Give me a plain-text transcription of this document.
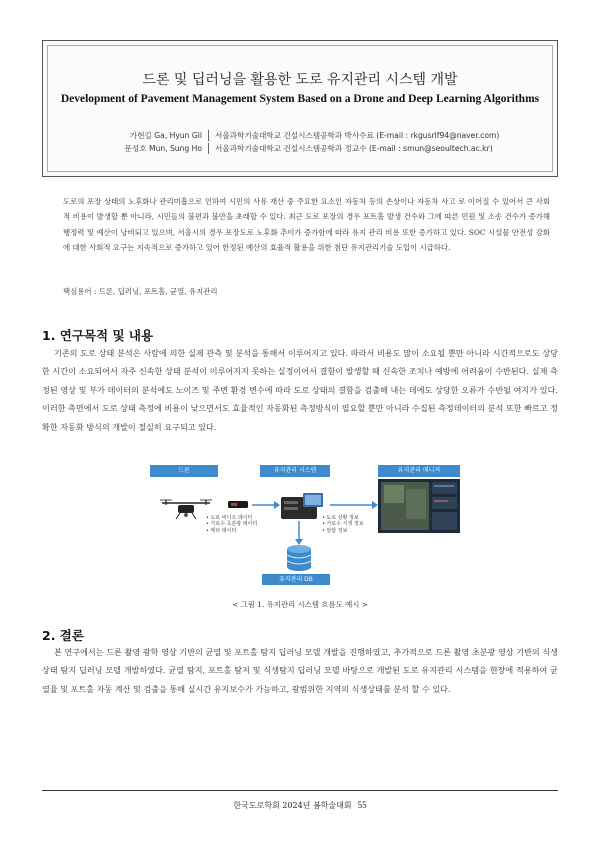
드론 및 딥러닝을 활용한 도로 유지관리 시스템 개발
Development of Pavement Management System Based on a Drone and Deep Learning Algorithms
가현길 Ga, Hyun Gil	서울과학기술대학교 건설시스템공학과 박사수료 (E-mail : rkgusrlf94@naver.com)
문성호 Mun, Sung Ho	서울과학기술대학교 건설시스템공학과 정교수 (E-mail : smun@seoultech.ac.kr)
도로의 포장 상태의 노후화나 관리미흡으로 인하여 시민의 사유 재산 중 주요한 요소인 자동차 등의 손상이나 자동차 사고 로 이어질 수 있어서 큰 사회적 비용이 발생할 뿐 아니라, 시민들의 불편과 불만을 초래할 수 있다. 최근 도로 포장의 경우 포트홀 발생 건수와 그에 따른 민원 및 소송 건수가 증가해 행정력 및 예산이 낭비되고 있으며, 서울시의 경우 포장도로 노후화 추이가 증가함에 따라 유지 관리 비용 또한 증가하고 있다. SOC 시설물 안전성 강화에 대한 사회적 요구는 지속적으로 증가하고 있어 한정된 예산의 효율적 활용을 위한 첨단 유지관리기술 도입이 시급하다.
핵심용어 : 드론, 딥러닝, 포트홀, 균열, 유지관리
1. 연구목적 및 내용
기존의 도로 상태 분석은 사람에 의한 실제 관측 및 분석을 통해서 이루어지고 있다. 따라서 비용도 많이 소요될 뿐만 아니라 시간적으로도 상당한 시간이 소요되어서 자주 신속한 상태 분석이 이루어지지 못하는 실정이어서 결함이 발생할 때 신속한 조치나 예방에 어려움이 수반된다. 실제 측정된 영상 및 부가 데이터의 분석에도 노이즈 및 주변 환경 변수에 따라 도로 상태의 결함을 검출해 내는 데에도 상당한 오류가 수반될 여지가 있다. 이러한 측면에서 도로 상태 측정에 비용이 낮으면서도 효율적인 자동화된 측정방식이 필요할 뿐만 아니라 수집된 측정데이터의 분석 또한 빠르고 정확한 자동화 방식의 개발이 절실히 요구되고 있다.
드론	유지관리 시스템	유지관리 매니저
• 도로 비디오 데이터
• 가로수 초분광 데이터
• 메타 데이터
• 도로 상황 정보
• 가로수 식생 정보
• 알람 정보
유지관리 DB
< 그림 1. 유지관리 시스템 흐름도 예시 >
2. 결론
본 연구에서는 드론 촬영 광학 영상 기반의 균열 및 포트홀 탐지 딥러닝 모델 개발을 진행하였고, 추가적으로 드론 촬영 초분광 영상 기반의 식생 상태 탐지 딥러닝 모델 개발하였다. 균열 탐지, 포트홀 탐지 및 식생탐지 딥러닝 모델 바탕으로 개발된 도로 유지관리 시스템을 현장에 적용하여 균열율 및 포트홀 자동 계산 및 검출을 통해 실시간 유지보수가 가능하고, 광범위한 지역의 식생상태를 분석 할 수 있다.
한국도로학회 2024년 봄학술대회 55
